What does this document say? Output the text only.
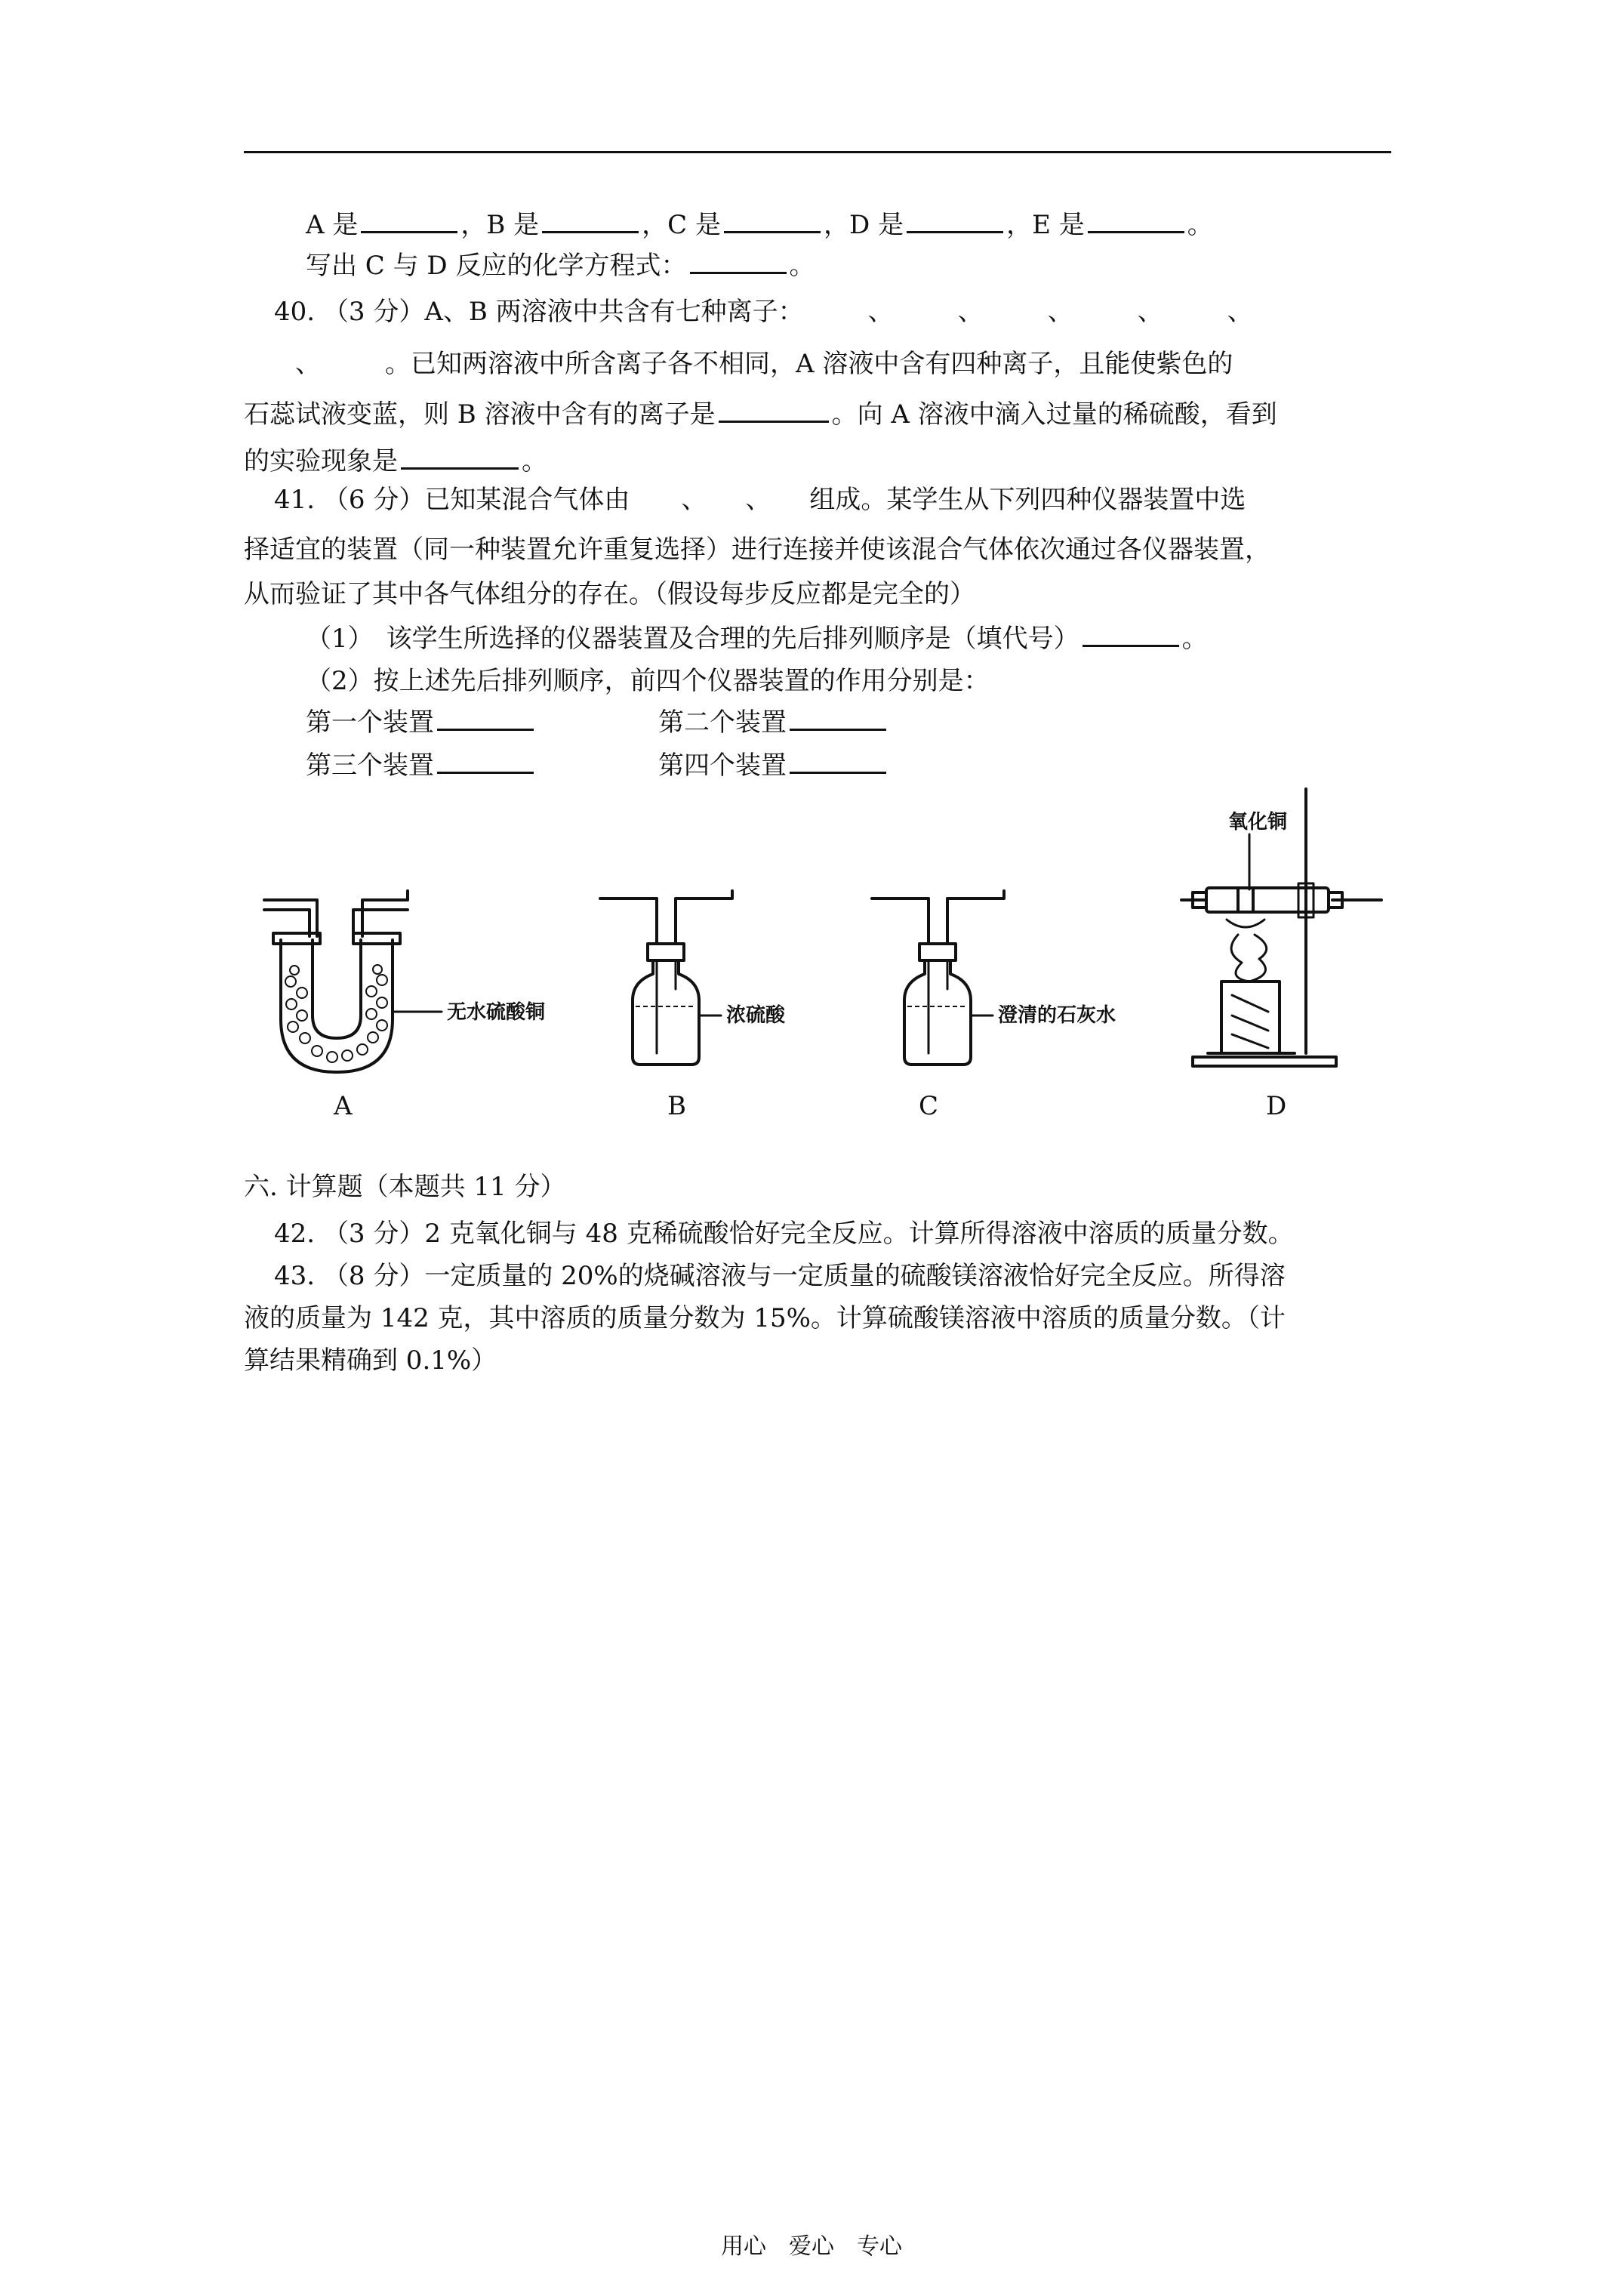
A 是	，B 是	，C 是	，D 是	，E 是	。
写出 C 与 D 反应的化学方程式：	。
40. （3 分）A、B 两溶液中共含有七种离子：　　　、　　　、　　　、　　　、　　　、
　　、　　　。已知两溶液中所含离子各不相同，A 溶液中含有四种离子，且能使紫色的
石蕊试液变蓝，则 B 溶液中含有的离子是	。向 A 溶液中滴入过量的稀硫酸，看到
的实验现象是	。
41. （6 分）已知某混合气体由　　、　　、　　组成。某学生从下列四种仪器装置中选
择适宜的装置（同一种装置允许重复选择）进行连接并使该混合气体依次通过各仪器装置，
从而验证了其中各气体组分的存在。（假设每步反应都是完全的）
（1）　该学生所选择的仪器装置及合理的先后排列顺序是（填代号）	。
（2）按上述先后排列顺序，前四个仪器装置的作用分别是：
第一个装置	第二个装置
第三个装置	第四个装置
无水硫酸铜	浓硫酸	澄清的石灰水
氧化铜
A	B	C	D
六. 计算题（本题共 11 分）
42. （3 分）2 克氧化铜与 48 克稀硫酸恰好完全反应。计算所得溶液中溶质的质量分数。
43. （8 分）一定质量的 20%的烧碱溶液与一定质量的硫酸镁溶液恰好完全反应。所得溶
液的质量为 142 克，其中溶质的质量分数为 15%。计算硫酸镁溶液中溶质的质量分数。（计
算结果精确到 0.1%）
用心　爱心　专心
